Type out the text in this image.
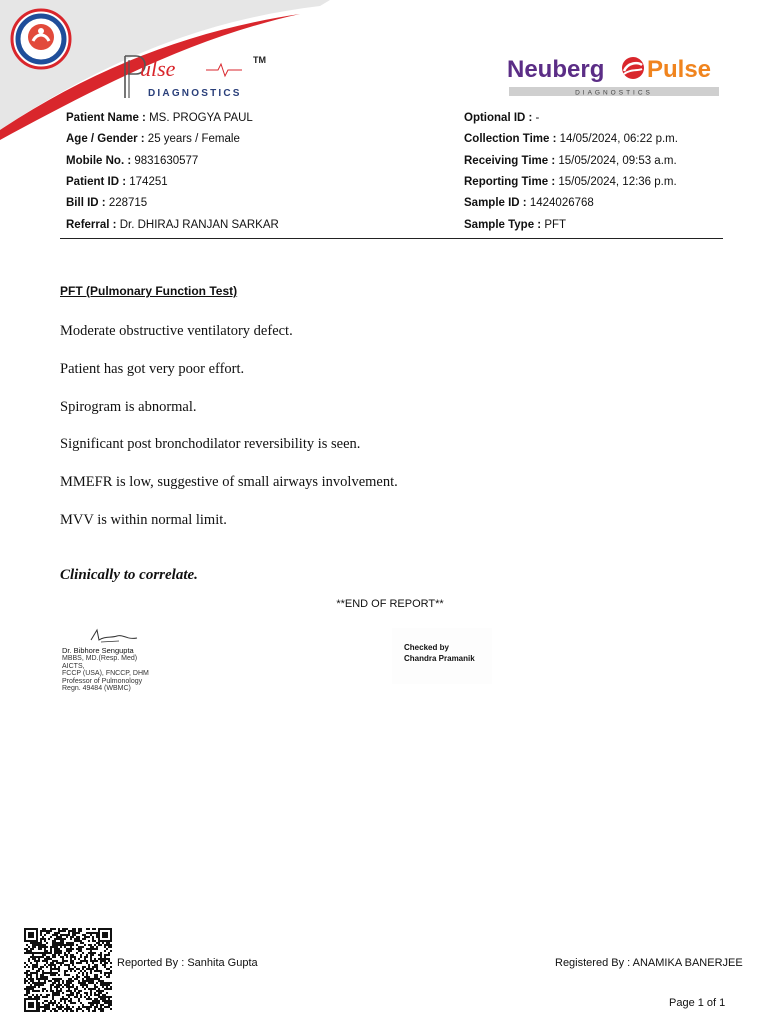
NABH	ulse	TM
DIAGNOSTICS
Neuberg Pulse
DIAGNOSTICS
Patient Name : MS. PROGYA PAUL
Age / Gender : 25 years / Female
Mobile No. : 9831630577
Patient ID : 174251
Bill ID : 228715
Referral : Dr. DHIRAJ RANJAN SARKAR
Optional ID : -
Collection Time : 14/05/2024, 06:22 p.m.
Receiving Time : 15/05/2024, 09:53 a.m.
Reporting Time : 15/05/2024, 12:36 p.m.
Sample ID : 1424026768
Sample Type : PFT
PFT (Pulmonary Function Test)
Moderate obstructive ventilatory defect.
Patient has got very poor effort.
Spirogram is abnormal.
Significant post bronchodilator reversibility is seen.
MMEFR is low, suggestive of small airways involvement.
MVV is within normal limit.
Clinically to correlate.
**END OF REPORT**
Dr. Bibhore Sengupta
MBBS, MD.(Resp. Med) AICTS,
FCCP (USA), FNCCP, DHM
Professor of Pulmonology
Regn. 49484 (WBMC)
Checked by
Chandra Pramanik
Reported By : Sanhita Gupta	Registered By : ANAMIKA BANERJEE
Page 1 of 1
